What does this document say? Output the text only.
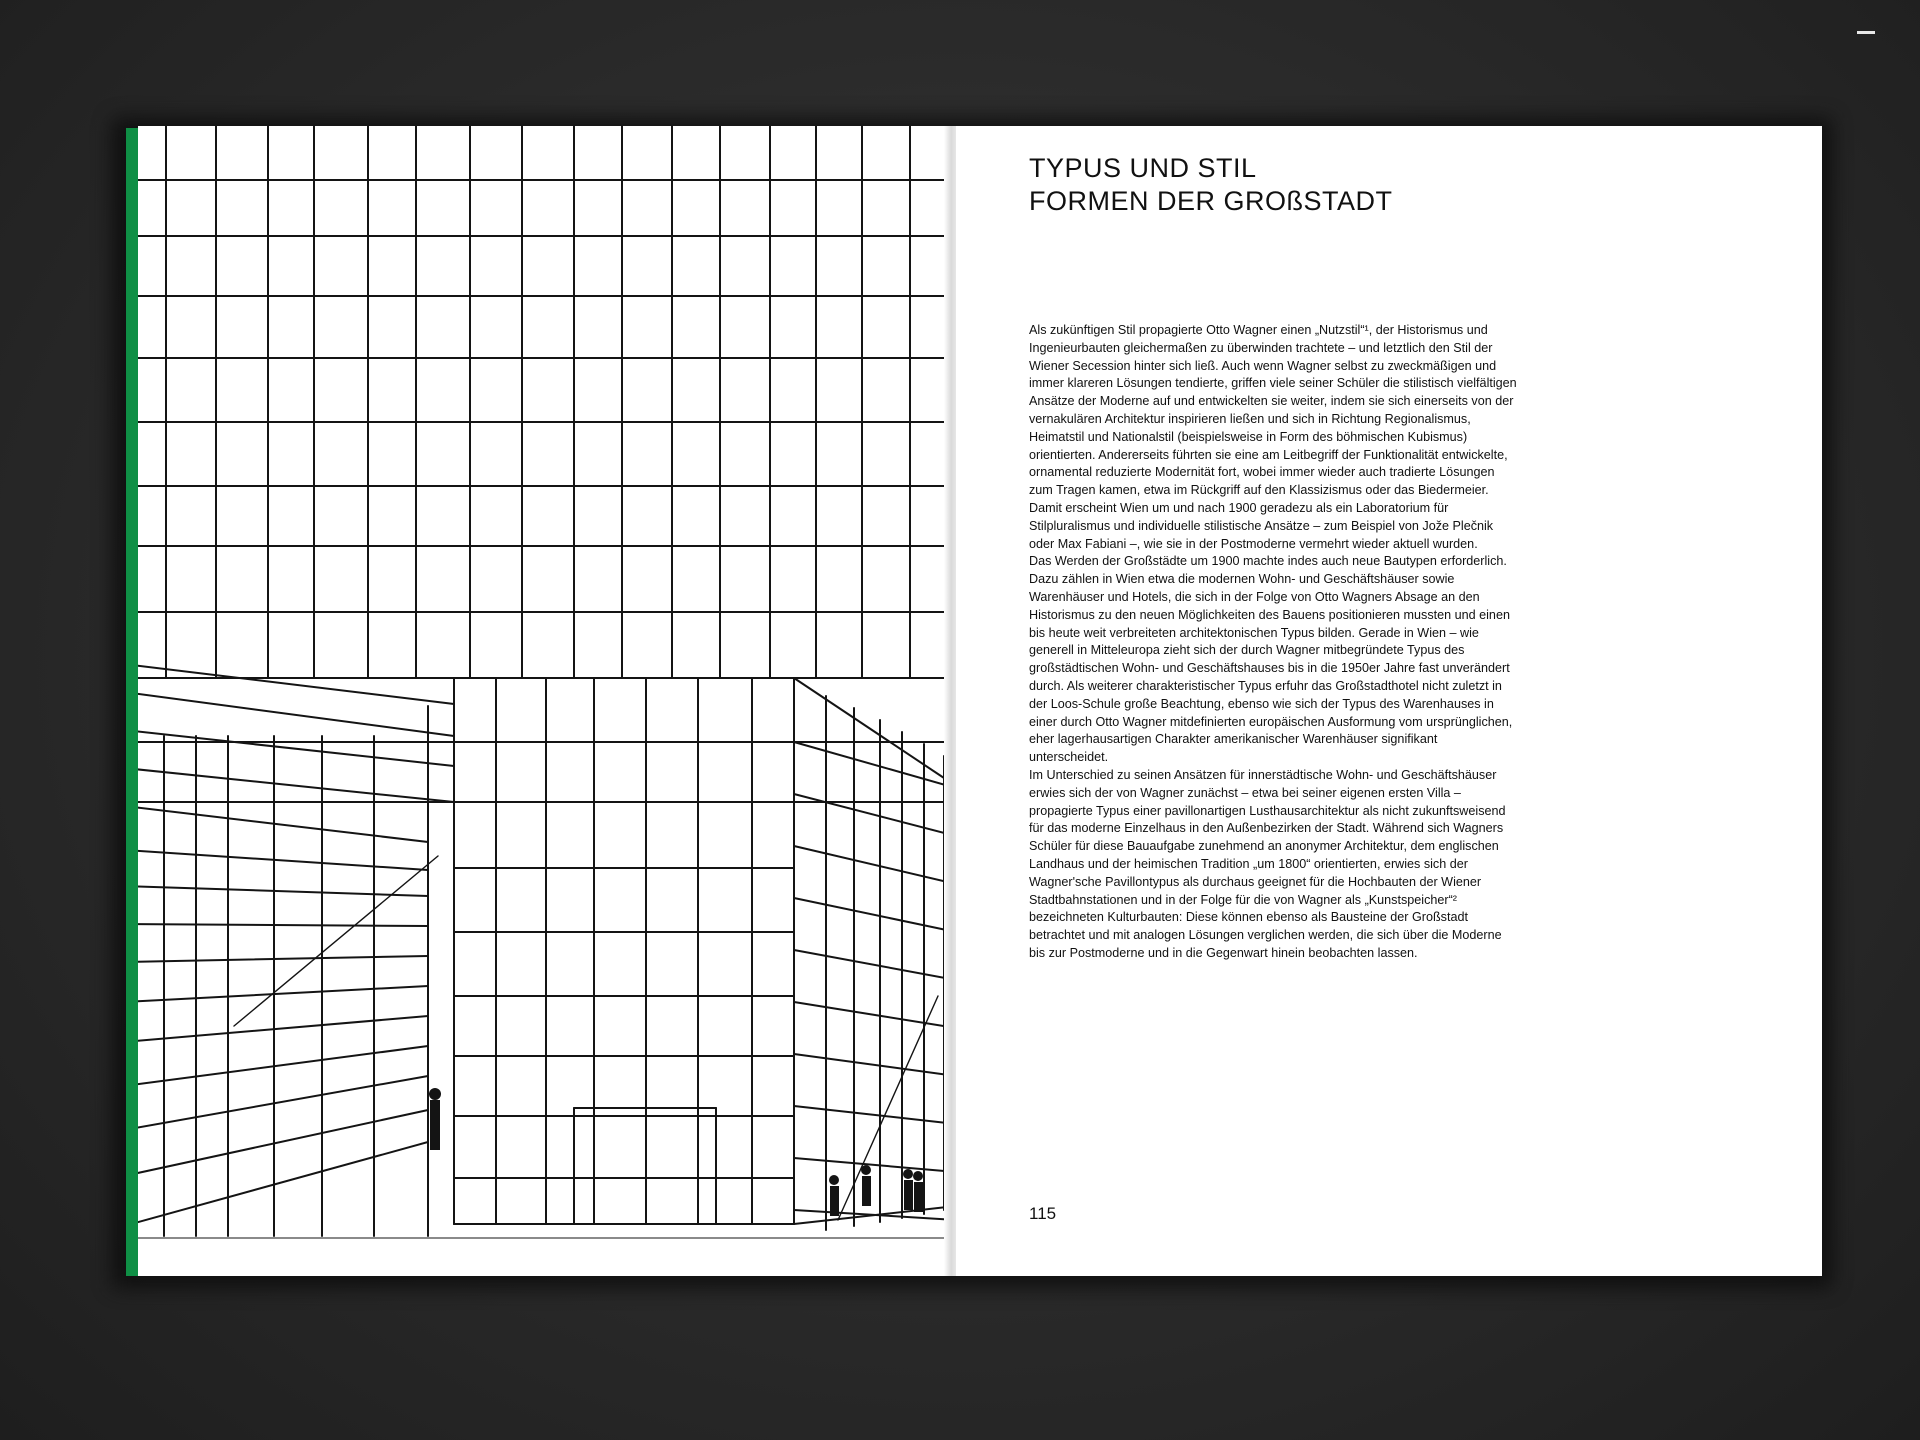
TYPUS UND STIL
FORMEN DER GROßSTADT

Als zukünftigen Stil propagierte Otto Wagner einen „Nutzstil“¹, der Historismus und Ingenieurbauten gleichermaßen zu überwinden trachtete – und letztlich den Stil der Wiener Secession hinter sich ließ. Auch wenn Wagner selbst zu zweckmäßigen und immer klareren Lösungen tendierte, griffen viele seiner Schüler die stilistisch vielfältigen Ansätze der Moderne auf und entwickelten sie weiter, indem sie sich einerseits von der vernakulären Architektur inspirieren ließen und sich in Richtung Regionalismus, Heimatstil und Nationalstil (beispielsweise in Form des böhmischen Kubismus) orientierten. Andererseits führten sie eine am Leitbegriff der Funktionalität entwickelte, ornamental reduzierte Modernität fort, wobei immer wieder auch tradierte Lösungen zum Tragen kamen, etwa im Rückgriff auf den Klassizismus oder das Biedermeier. Damit erscheint Wien um und nach 1900 geradezu als ein Laboratorium für Stilpluralismus und individuelle stilistische Ansätze – zum Beispiel von Jože Plečnik oder Max Fabiani –, wie sie in der Postmoderne vermehrt wieder aktuell wurden.

Das Werden der Großstädte um 1900 machte indes auch neue Bautypen erforderlich. Dazu zählen in Wien etwa die modernen Wohn- und Geschäftshäuser sowie Warenhäuser und Hotels, die sich in der Folge von Otto Wagners Absage an den Historismus zu den neuen Möglichkeiten des Bauens positionieren mussten und einen bis heute weit verbreiteten architektonischen Typus bilden. Gerade in Wien – wie generell in Mitteleuropa zieht sich der durch Wagner mitbegründete Typus des großstädtischen Wohn- und Geschäftshauses bis in die 1950er Jahre fast unverändert durch. Als weiterer charakteristischer Typus erfuhr das Großstadthotel nicht zuletzt in der Loos-Schule große Beachtung, ebenso wie sich der Typus des Warenhauses in einer durch Otto Wagner mitdefinierten europäischen Ausformung vom ursprünglichen, eher lagerhausartigen Charakter amerikanischer Warenhäuser signifikant unterscheidet.

Im Unterschied zu seinen Ansätzen für innerstädtische Wohn- und Geschäftshäuser erwies sich der von Wagner zunächst – etwa bei seiner eigenen ersten Villa – propagierte Typus einer pavillonartigen Lusthausarchitektur als nicht zukunftsweisend für das moderne Einzelhaus in den Außenbezirken der Stadt. Während sich Wagners Schüler für diese Bauaufgabe zunehmend an anonymer Architektur, dem englischen Landhaus und der heimischen Tradition „um 1800“ orientierten, erwies sich der Wagner'sche Pavillontypus als durchaus geeignet für die Hochbauten der Wiener Stadtbahnstationen und in der Folge für die von Wagner als „Kunstspeicher“² bezeichneten Kulturbauten: Diese können ebenso als Bausteine der Großstadt betrachtet und mit analogen Lösungen verglichen werden, die sich über die Moderne bis zur Postmoderne und in die Gegenwart hinein beobachten lassen.

115
